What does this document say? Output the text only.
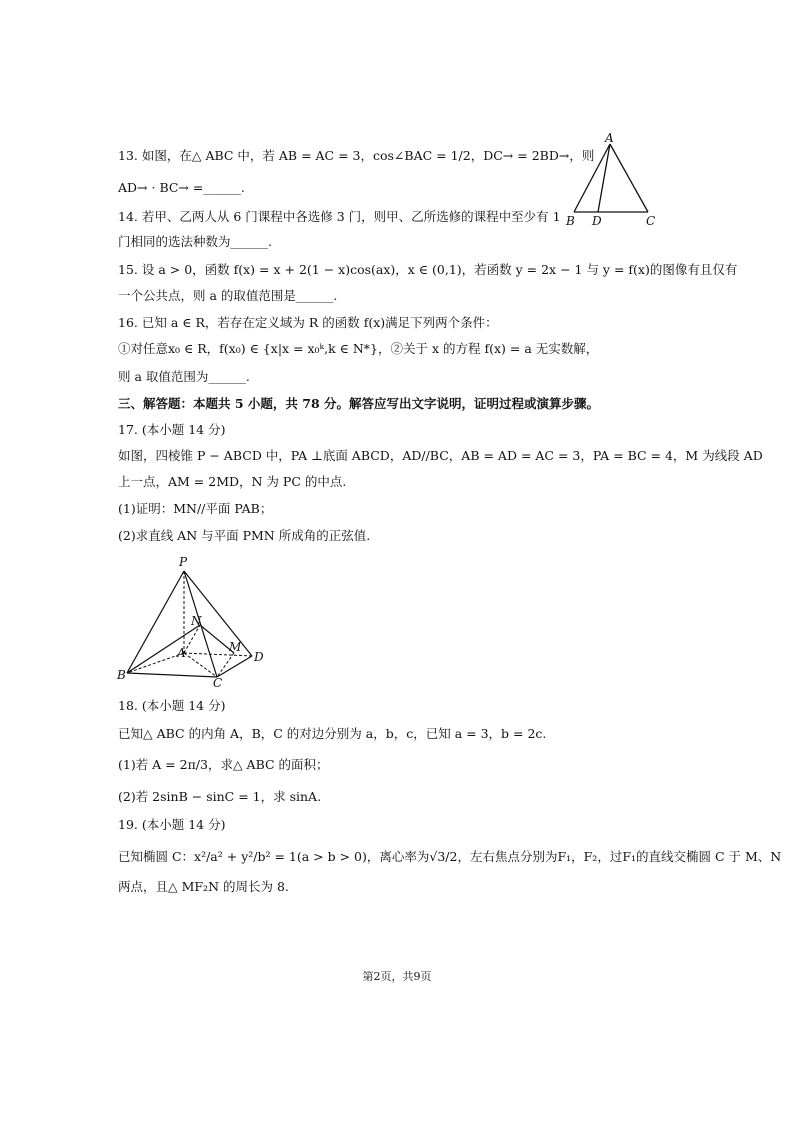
13. 如图，在△ ABC 中，若 AB = AC = 3，cos∠BAC = 1/2，DC→ = 2BD→，则
AD→ · BC→ =______.
A
B D	C
14. 若甲、乙两人从 6 门课程中各选修 3 门，则甲、乙所选修的课程中至少有 1
门相同的选法种数为______.
15. 设 a > 0，函数 f(x) = x + 2(1 − x)cos(ax)，x ∈ (0,1)，若函数 y = 2x − 1 与 y = f(x)的图像有且仅有
一个公共点，则 a 的取值范围是______.
16. 已知 a ∈ R，若存在定义域为 R 的函数 f(x)满足下列两个条件：
①对任意x₀ ∈ R，f(x₀) ∈ {x|x = x₀ᵏ,k ∈ N*}，②关于 x 的方程 f(x) = a 无实数解，
则 a 取值范围为______.
三、解答题：本题共 5 小题，共 78 分。解答应写出文字说明，证明过程或演算步骤。
17. (本小题 14 分)
如图，四棱锥 P − ABCD 中，PA ⊥底面 ABCD，AD//BC，AB = AD = AC = 3，PA = BC = 4，M 为线段 AD
上一点，AM = 2MD，N 为 PC 的中点.
(1)证明：MN//平面 PAB；
(2)求直线 AN 与平面 PMN 所成角的正弦值.
P
N
A	M
D
B
C
18. (本小题 14 分)
已知△ ABC 的内角 A，B，C 的对边分别为 a，b，c，已知 a = 3，b = 2c.
(1)若 A = 2π/3，求△ ABC 的面积；
(2)若 2sinB − sinC = 1，求 sinA.
19. (本小题 14 分)
已知椭圆 C：x²/a² + y²/b² = 1(a > b > 0)，离心率为√3/2，左右焦点分别为F₁，F₂，过F₁的直线交椭圆 C 于 M、N
两点，且△ MF₂N 的周长为 8.
第2页，共9页
